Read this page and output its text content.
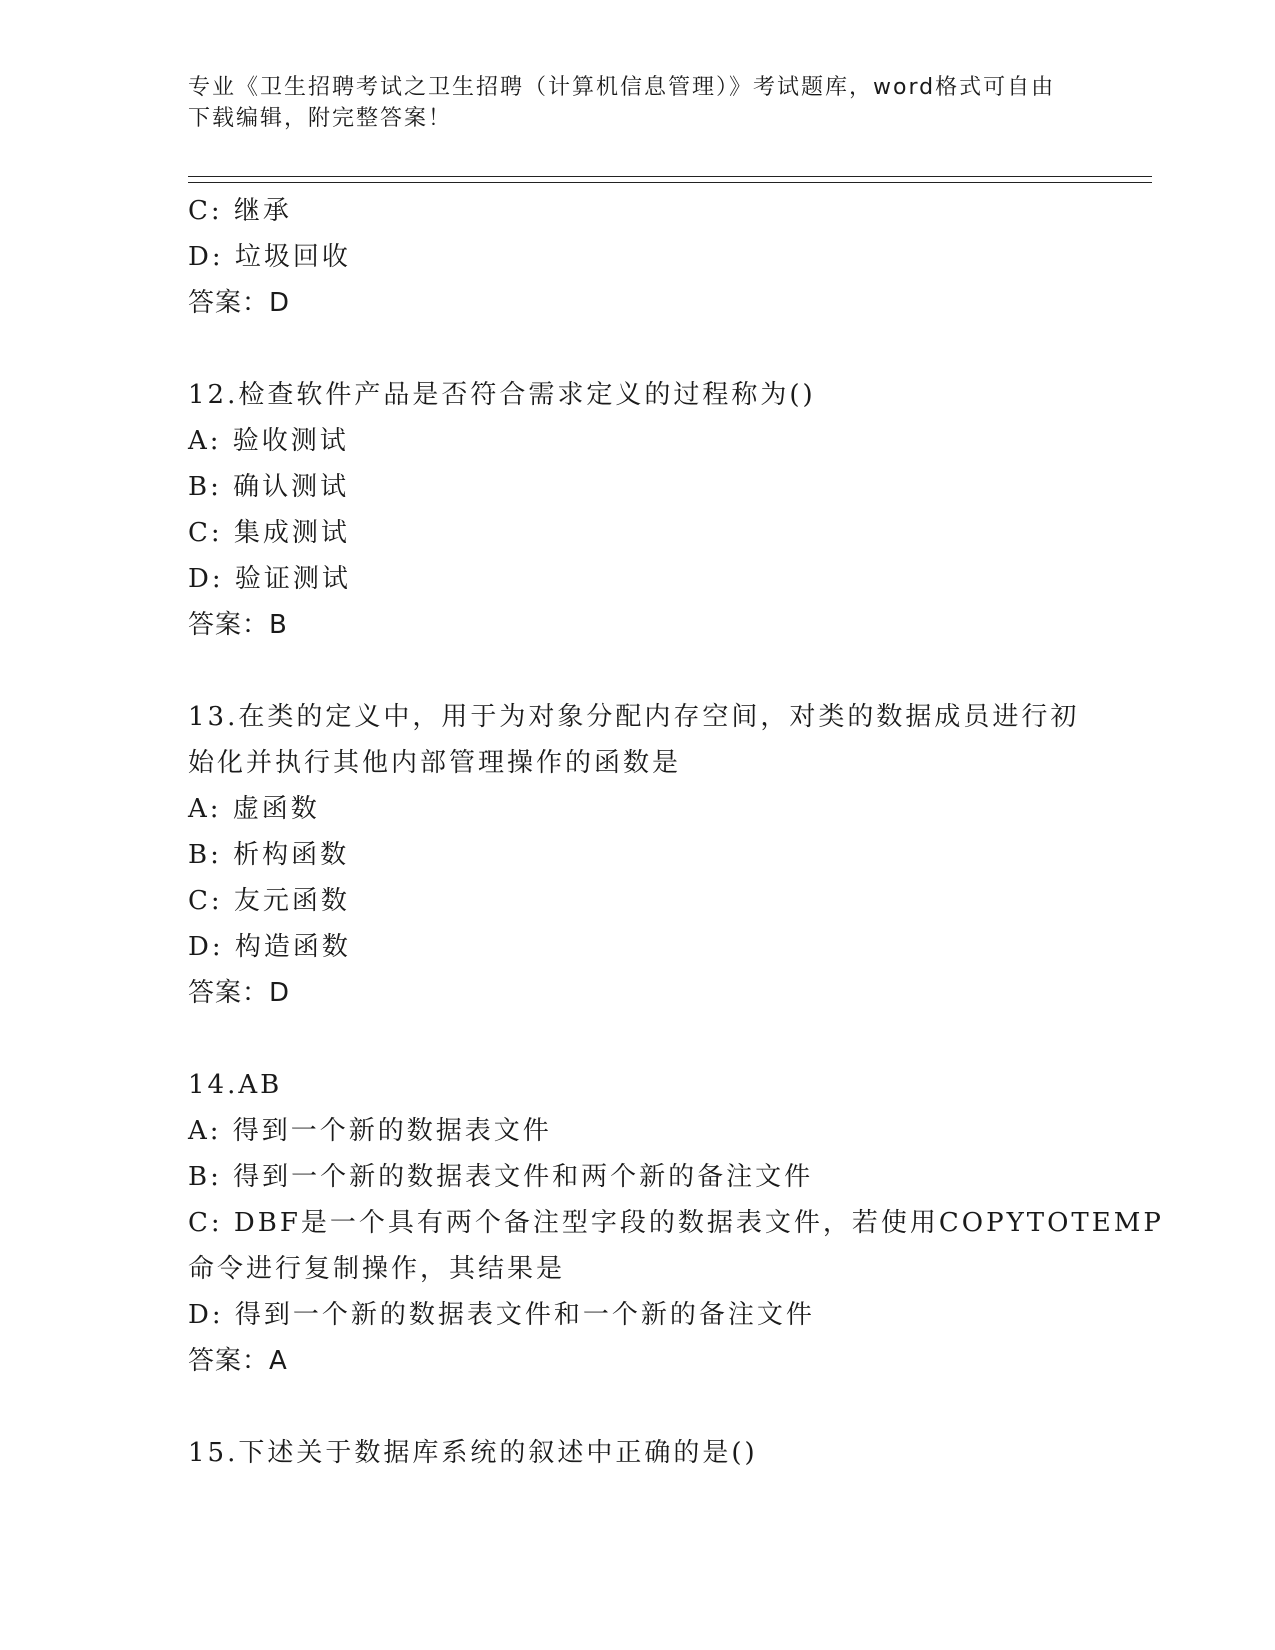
专业《卫生招聘考试之卫生招聘（计算机信息管理）》考试题库，word格式可自由下载编辑，附完整答案！
C: 继承
D: 垃圾回收
答案：D
12.检查软件产品是否符合需求定义的过程称为()
A: 验收测试
B: 确认测试
C: 集成测试
D: 验证测试
答案：B
13.在类的定义中，用于为对象分配内存空间，对类的数据成员进行初
始化并执行其他内部管理操作的函数是
A: 虚函数
B: 析构函数
C: 友元函数
D: 构造函数
答案：D
14.AB
A: 得到一个新的数据表文件
B: 得到一个新的数据表文件和两个新的备注文件
C: DBF是一个具有两个备注型字段的数据表文件，若使用COPYTOTEMP
命令进行复制操作，其结果是
D: 得到一个新的数据表文件和一个新的备注文件
答案：A
15.下述关于数据库系统的叙述中正确的是()
